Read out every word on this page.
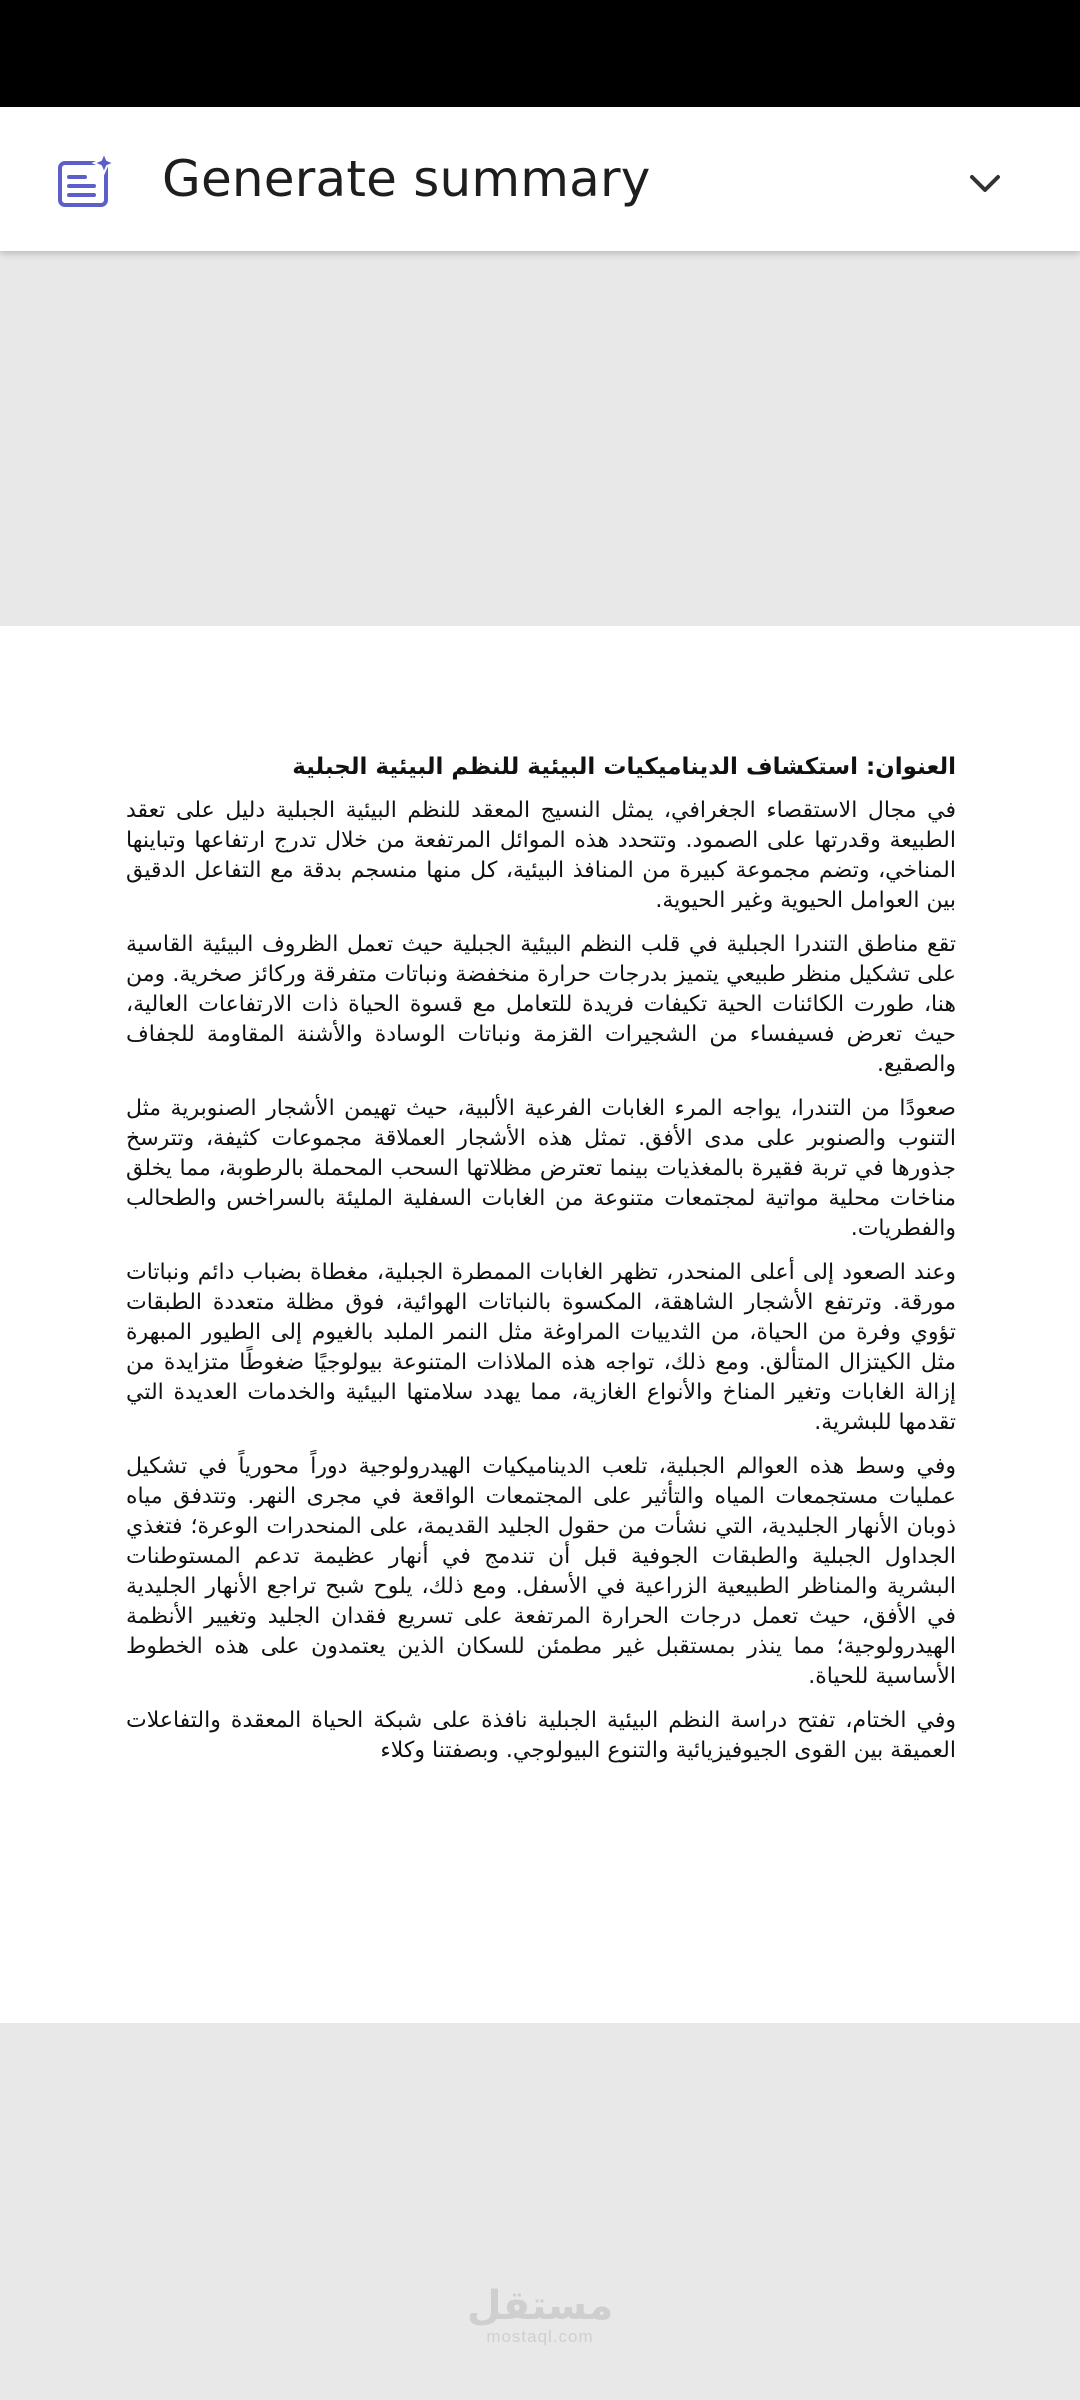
Generate summary
العنوان: استكشاف الديناميكيات البيئية للنظم البيئية الجبلية

في مجال الاستقصاء الجغرافي، يمثل النسيج المعقد للنظم البيئية الجبلية دليل على تعقد الطبيعة وقدرتها على الصمود. وتتحدد هذه الموائل المرتفعة من خلال تدرج ارتفاعها وتباينها المناخي، وتضم مجموعة كبيرة من المنافذ البيئية، كل منها منسجم بدقة مع التفاعل الدقيق بين العوامل الحيوية وغير الحيوية.

تقع مناطق التندرا الجبلية في قلب النظم البيئية الجبلية حيث تعمل الظروف البيئية القاسية على تشكيل منظر طبيعي يتميز بدرجات حرارة منخفضة ونباتات متفرقة وركائز صخرية. ومن هنا، طورت الكائنات الحية تكيفات فريدة للتعامل مع قسوة الحياة ذات الارتفاعات العالية، حيث تعرض فسيفساء من الشجيرات القزمة ونباتات الوسادة والأشنة المقاومة للجفاف والصقيع.

صعودًا من التندرا، يواجه المرء الغابات الفرعية الألبية، حيث تهيمن الأشجار الصنوبرية مثل التنوب والصنوبر على مدى الأفق. تمثل هذه الأشجار العملاقة مجموعات كثيفة، وتترسخ جذورها في تربة فقيرة بالمغذيات بينما تعترض مظلاتها السحب المحملة بالرطوبة، مما يخلق مناخات محلية مواتية لمجتمعات متنوعة من الغابات السفلية المليئة بالسراخس والطحالب والفطريات.

وعند الصعود إلى أعلى المنحدر، تظهر الغابات الممطرة الجبلية، مغطاة بضباب دائم ونباتات مورقة. وترتفع الأشجار الشاهقة، المكسوة بالنباتات الهوائية، فوق مظلة متعددة الطبقات تؤوي وفرة من الحياة، من الثدييات المراوغة مثل النمر الملبد بالغيوم إلى الطيور المبهرة مثل الكيتزال المتألق. ومع ذلك، تواجه هذه الملاذات المتنوعة بيولوجيًا ضغوطًا متزايدة من إزالة الغابات وتغير المناخ والأنواع الغازية، مما يهدد سلامتها البيئية والخدمات العديدة التي تقدمها للبشرية.

وفي وسط هذه العوالم الجبلية، تلعب الديناميكيات الهيدرولوجية دوراً محورياً في تشكيل عمليات مستجمعات المياه والتأثير على المجتمعات الواقعة في مجرى النهر. وتتدفق مياه ذوبان الأنهار الجليدية، التي نشأت من حقول الجليد القديمة، على المنحدرات الوعرة؛ فتغذي الجداول الجبلية والطبقات الجوفية قبل أن تندمج في أنهار عظيمة تدعم المستوطنات البشرية والمناظر الطبيعية الزراعية في الأسفل. ومع ذلك، يلوح شبح تراجع الأنهار الجليدية في الأفق، حيث تعمل درجات الحرارة المرتفعة على تسريع فقدان الجليد وتغيير الأنظمة الهيدرولوجية؛ مما ينذر بمستقبل غير مطمئن للسكان الذين يعتمدون على هذه الخطوط الأساسية للحياة.

وفي الختام، تفتح دراسة النظم البيئية الجبلية نافذة على شبكة الحياة المعقدة والتفاعلات العميقة بين القوى الجيوفيزيائية والتنوع البيولوجي. وبصفتنا وكلاء

مستقل
mostaql.com
